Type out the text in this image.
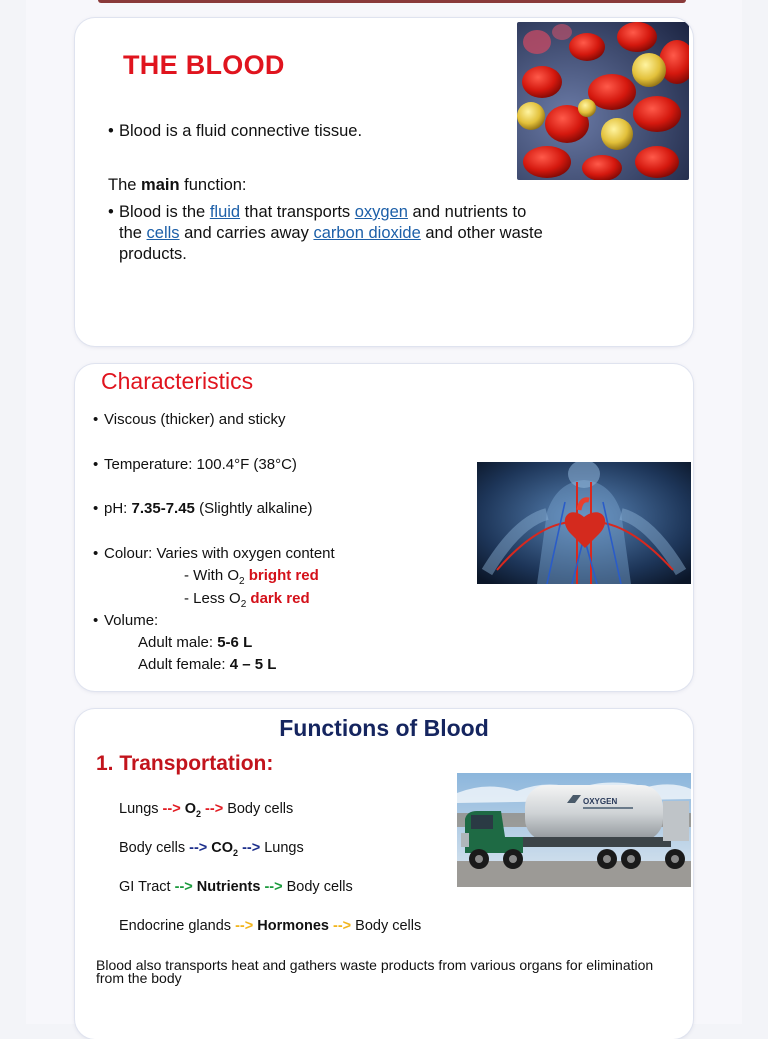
THE BLOOD
• Blood is a fluid connective tissue.
The main function:
• Blood is the fluid that transports oxygen and nutrients to
the cells and carries away carbon dioxide and other waste
products.
Characteristics
• Viscous (thicker) and sticky
• Temperature: 100.4°F (38°C)
• pH: 7.35-7.45 (Slightly alkaline)
• Colour: Varies with oxygen content
- With $O_2$ bright red
- Less $O_2$ dark red
• Volume:
Adult male: 5-6 L
Adult female: 4 – 5 L
Functions of Blood
1. Transportation:
Lungs --> $O_2$ --> Body cells
Body cells --> $CO_2$ --> Lungs
GI Tract --> Nutrients --> Body cells
Endocrine glands --> Hormones --> Body cells
Blood also transports heat and gathers waste products from various organs for elimination from the body
OXYGEN
